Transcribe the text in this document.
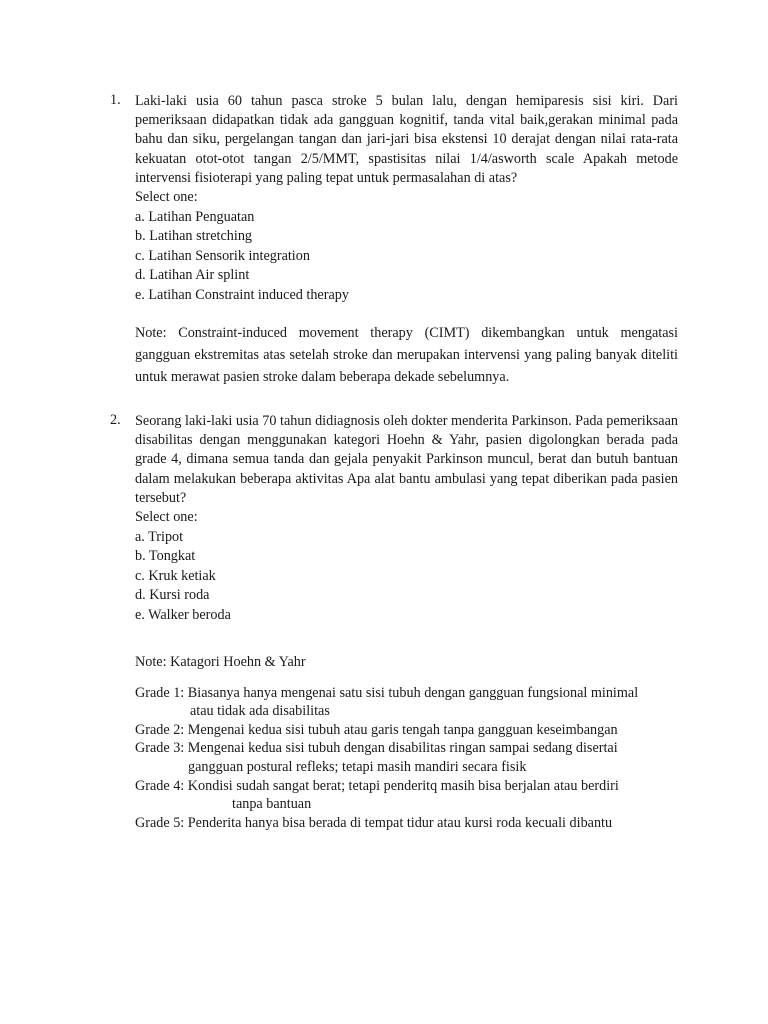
1. Laki-laki usia 60 tahun pasca stroke 5 bulan lalu, dengan hemiparesis sisi kiri. Dari pemeriksaan didapatkan tidak ada gangguan kognitif, tanda vital baik,gerakan minimal pada bahu dan siku, pergelangan tangan dan jari-jari bisa ekstensi 10 derajat dengan nilai rata-rata kekuatan otot-otot tangan 2/5/MMT, spastisitas nilai 1/4/asworth scale Apakah metode intervensi fisioterapi yang paling tepat untuk permasalahan di atas?
Select one:
a. Latihan Penguatan
b. Latihan stretching
c. Latihan Sensorik integration
d. Latihan Air splint
e. Latihan Constraint induced therapy
Note: Constraint-induced movement therapy (CIMT) dikembangkan untuk mengatasi gangguan ekstremitas atas setelah stroke dan merupakan intervensi yang paling banyak diteliti untuk merawat pasien stroke dalam beberapa dekade sebelumnya.
2. Seorang laki-laki usia 70 tahun didiagnosis oleh dokter menderita Parkinson. Pada pemeriksaan disabilitas dengan menggunakan kategori Hoehn & Yahr, pasien digolongkan berada pada grade 4, dimana semua tanda dan gejala penyakit Parkinson muncul, berat dan butuh bantuan dalam melakukan beberapa aktivitas Apa alat bantu ambulasi yang tepat diberikan pada pasien tersebut?
Select one:
a. Tripot
b. Tongkat
c. Kruk ketiak
d. Kursi roda
e. Walker beroda
Note: Katagori Hoehn & Yahr
Grade 1: Biasanya hanya mengenai satu sisi tubuh dengan gangguan fungsional minimal
atau tidak ada disabilitas
Grade 2: Mengenai kedua sisi tubuh atau garis tengah tanpa gangguan keseimbangan
Grade 3: Mengenai kedua sisi tubuh dengan disabilitas ringan sampai sedang disertai
gangguan postural refleks; tetapi masih mandiri secara fisik
Grade 4: Kondisi sudah sangat berat; tetapi penderitq masih bisa berjalan atau berdiri
tanpa bantuan
Grade 5: Penderita hanya bisa berada di tempat tidur atau kursi roda kecuali dibantu
